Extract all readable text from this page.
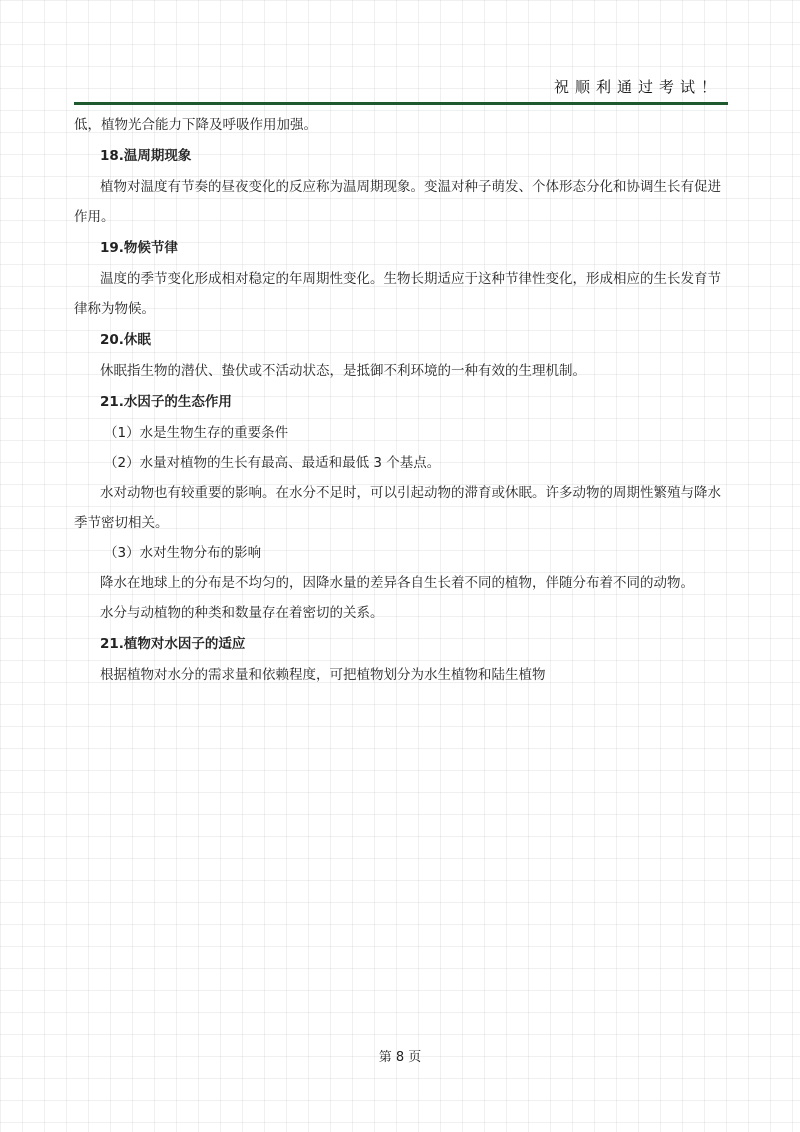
祝顺利通过考试！

低，植物光合能力下降及呼吸作用加强。

18.温周期现象

植物对温度有节奏的昼夜变化的反应称为温周期现象。变温对种子萌发、个体形态分化和协调生长有促进作用。

19.物候节律

温度的季节变化形成相对稳定的年周期性变化。生物长期适应于这种节律性变化，形成相应的生长发育节律称为物候。

20.休眠

休眠指生物的潜伏、蛰伏或不活动状态，是抵御不利环境的一种有效的生理机制。

21.水因子的生态作用

（1）水是生物生存的重要条件

（2）水量对植物的生长有最高、最适和最低 3 个基点。

水对动物也有较重要的影响。在水分不足时，可以引起动物的滞育或休眠。许多动物的周期性繁殖与降水季节密切相关。

（3）水对生物分布的影响

降水在地球上的分布是不均匀的，因降水量的差异各自生长着不同的植物，伴随分布着不同的动物。

水分与动植物的种类和数量存在着密切的关系。

21.植物对水因子的适应

根据植物对水分的需求量和依赖程度，可把植物划分为水生植物和陆生植物

第 8 页
